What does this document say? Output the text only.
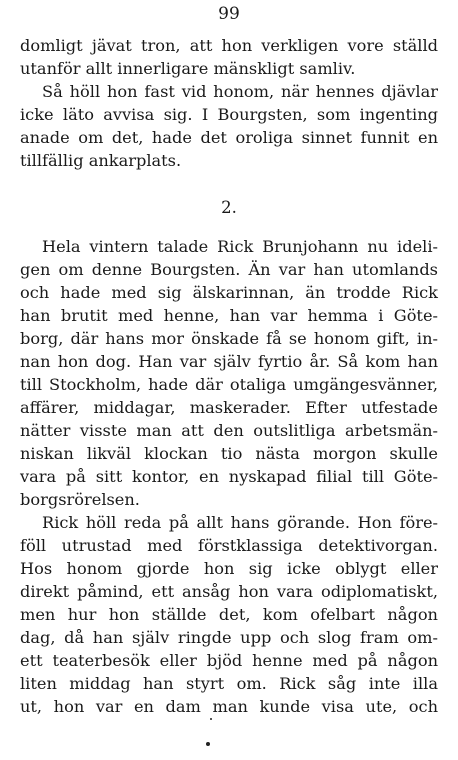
99
domligt jävat tron, att hon verkligen vore ställd
utanför allt innerligare mänskligt samliv.
Så höll hon fast vid honom, när hennes djävlar
icke läto avvisa sig. I Bourgsten, som ingenting
anade om det, hade det oroliga sinnet funnit en
tillfällig ankarplats.
2.
Hela vintern talade Rick Brunjohann nu ideli-
gen om denne Bourgsten. Än var han utomlands
och hade med sig älskarinnan, än trodde Rick
han brutit med henne, han var hemma i Göte-
borg, där hans mor önskade få se honom gift, in-
nan hon dog. Han var själv fyrtio år. Så kom han
till Stockholm, hade där otaliga umgängesvänner,
affärer, middagar, maskerader. Efter utfestade
nätter visste man att den outslitliga arbetsmän-
niskan likväl klockan tio nästa morgon skulle
vara på sitt kontor, en nyskapad filial till Göte-
borgsrörelsen.
Rick höll reda på allt hans görande. Hon före-
föll utrustad med förstklassiga detektivorgan.
Hos honom gjorde hon sig icke oblygt eller
direkt påmind, ett ansåg hon vara odiplomatiskt,
men hur hon ställde det, kom ofelbart någon
dag, då han själv ringde upp och slog fram om-
ett teaterbesök eller bjöd henne med på någon
liten middag han styrt om. Rick såg inte illa
ut, hon var en dam man kunde visa ute, och
